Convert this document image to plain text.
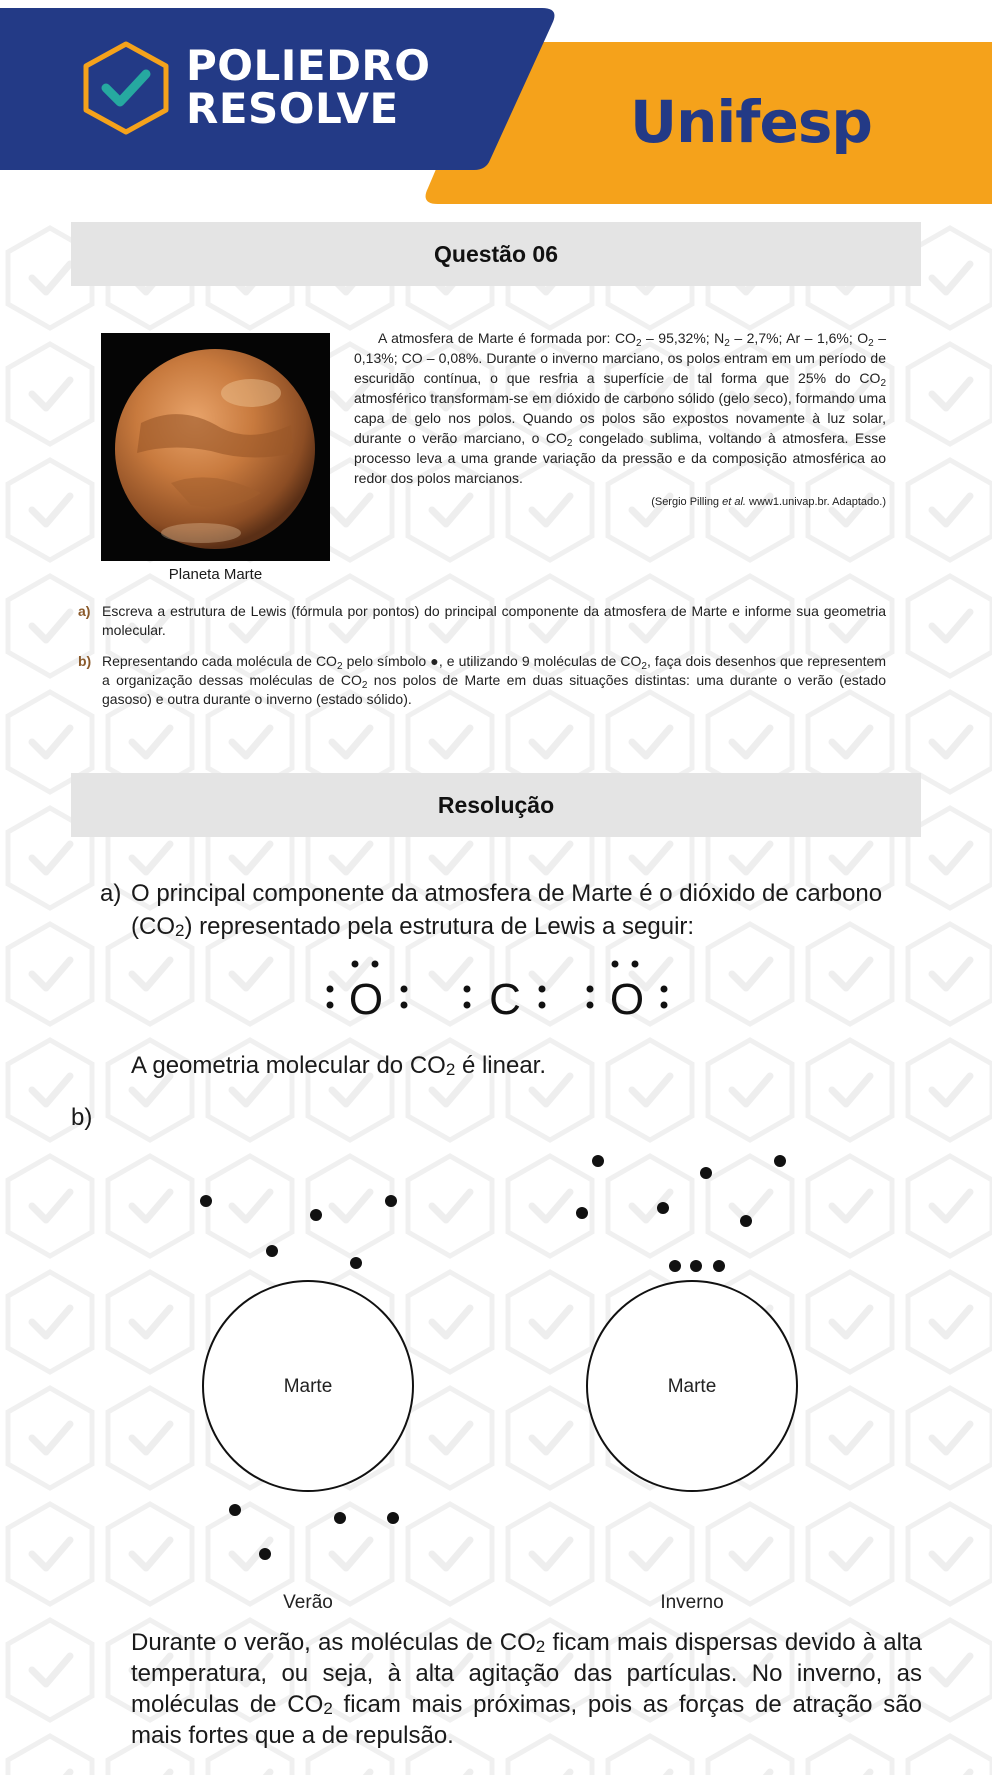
POLIEDRO
RESOLVE	Unifesp
Questão 06
Planeta Marte

A atmosfera de Marte é formada por: $CO_2 - 95,32\%$; $N_2 - 2,7\%$; Ar – 1,6%; $O_2 - 0,13\%$; CO – 0,08%. Durante o inverno marciano, os polos entram em um período de escuridão contínua, o que resfria a superfície de tal forma que 25% do $CO_2$ atmosférico transformam-se em dióxido de carbono sólido (gelo seco), formando uma capa de gelo nos polos. Quando os polos são expostos novamente à luz solar, durante o verão marciano, o $CO_2$ congelado sublima, voltando à atmosfera. Esse processo leva a uma grande variação da pressão e da composição atmosférica ao redor dos polos marcianos.

(Sergio Pilling et al. www1.univap.br. Adaptado.)
a) Escreva a estrutura de Lewis (fórmula por pontos) do principal componente da atmosfera de Marte e informe sua geometria molecular.
b) Representando cada molécula de $CO_2$ pelo símbolo ●, e utilizando 9 moléculas de $CO_2$, faça dois desenhos que representem a organização dessas moléculas de $CO_2$ nos polos de Marte em duas situações distintas: uma durante o verão (estado gasoso) e outra durante o inverno (estado sólido).
Resolução
a) O principal componente da atmosfera de Marte é o dióxido de carbono
$(CO_2)$ representado pela estrutura de Lewis a seguir:
O C O
A geometria molecular do $CO_2$ é linear.
b)
Marte
Verão
Marte
Inverno
Durante o verão, as moléculas de $CO_2$ ficam mais dispersas devido à alta temperatura, ou seja, à alta agitação das partículas. No inverno, as moléculas de $CO_2$ ficam mais próximas, pois as forças de atração são mais fortes que a de repulsão.
